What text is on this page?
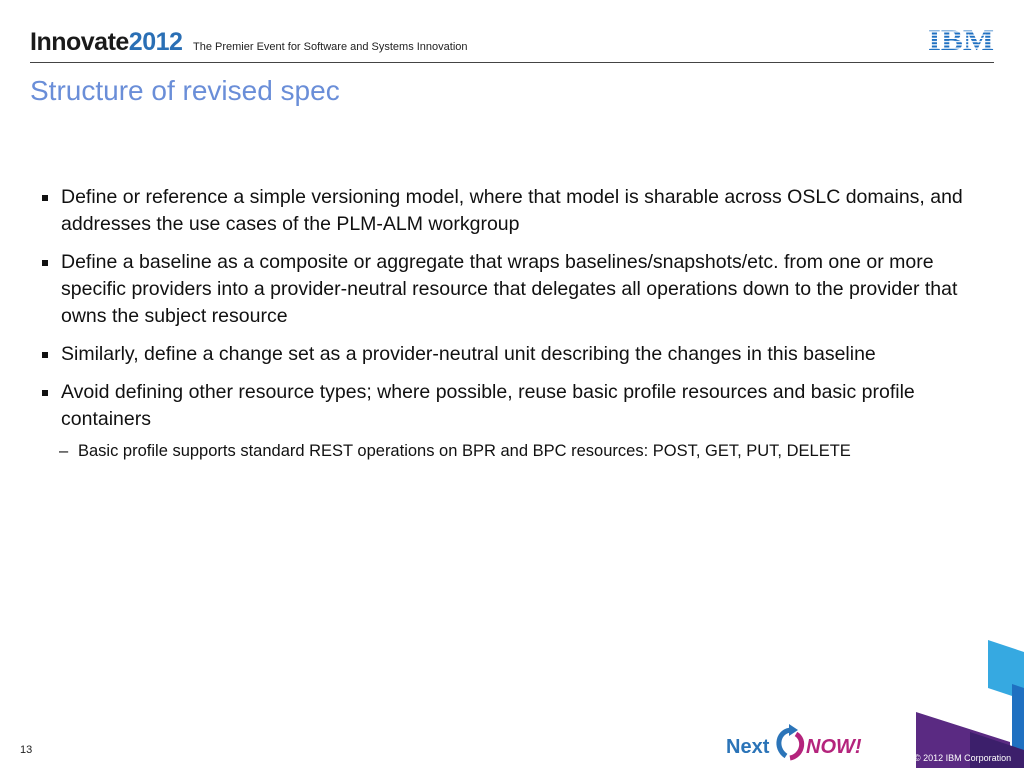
Innovate2012 The Premier Event for Software and Systems Innovation	IBM
Structure of revised spec
Define or reference a simple versioning model, where that model is sharable across OSLC domains, and addresses the use cases of the PLM-ALM workgroup
Define a baseline as a composite or aggregate that wraps baselines/snapshots/etc. from one or more specific providers into a provider-neutral resource that delegates all operations down to the provider that owns the subject resource
Similarly, define a change set as a provider-neutral unit describing the changes in this baseline
Avoid defining other resource types; where possible, reuse basic profile resources and basic profile containers
– Basic profile supports standard REST operations on BPR and BPC resources: POST, GET, PUT, DELETE
13	Next NOW!	© 2012 IBM Corporation
